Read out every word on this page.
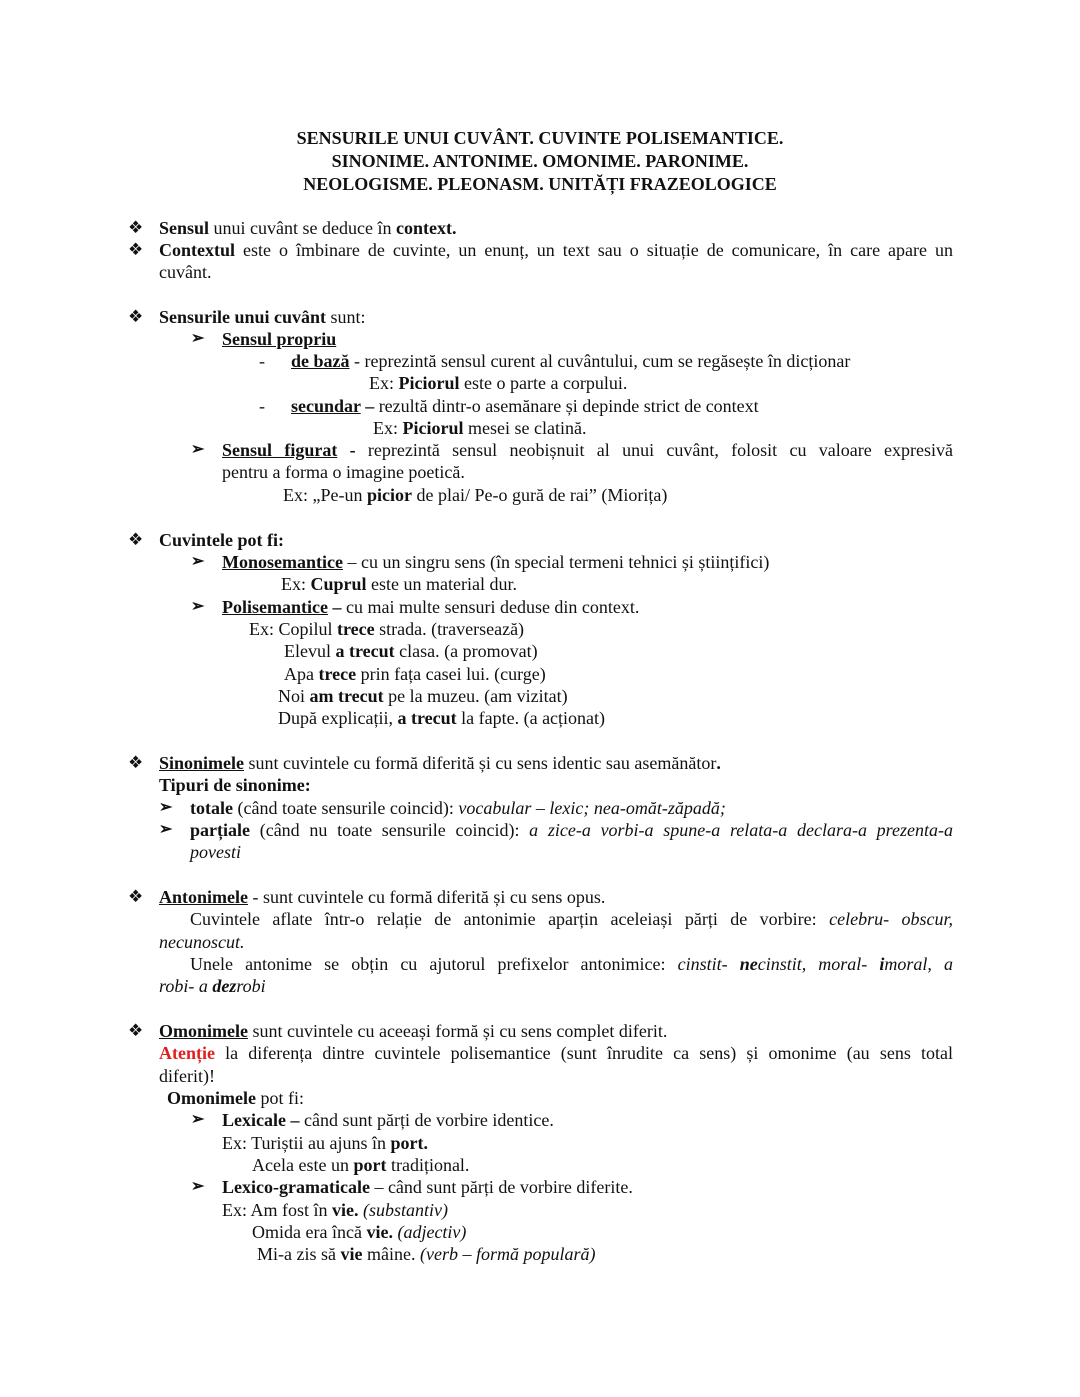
SENSURILE UNUI CUVÂNT. CUVINTE POLISEMANTICE.
SINONIME. ANTONIME. OMONIME. PARONIME.
NEOLOGISME. PLEONASM. UNITĂȚI FRAZEOLOGICE
❖ Sensul unui cuvânt se deduce în context.
❖ Contextul este o îmbinare de cuvinte, un enunț, un text sau o situație de comunicare, în care apare un
cuvânt.
❖ Sensurile unui cuvânt sunt:
➢ Sensul propriu
- de bază - reprezintă sensul curent al cuvântului, cum se regăsește în dicționar
Ex: Piciorul este o parte a corpului.
- secundar – rezultă dintr-o asemănare și depinde strict de context
Ex: Piciorul mesei se clatină.
➢ Sensul figurat - reprezintă sensul neobișnuit al unui cuvânt, folosit cu valoare expresivă
pentru a forma o imagine poetică.
Ex: „Pe-un picior de plai/ Pe-o gură de rai” (Miorița)
❖ Cuvintele pot fi:
➢ Monosemantice – cu un singru sens (în special termeni tehnici și științifici)
Ex: Cuprul este un material dur.
➢ Polisemantice – cu mai multe sensuri deduse din context.
Ex: Copilul trece strada. (traversează)
Elevul a trecut clasa. (a promovat)
Apa trece prin fața casei lui. (curge)
Noi am trecut pe la muzeu. (am vizitat)
După explicații, a trecut la fapte. (a acționat)
❖ Sinonimele sunt cuvintele cu formă diferită și cu sens identic sau asemănător.
Tipuri de sinonime:
➢ totale (când toate sensurile coincid): vocabular – lexic; nea-omăt-zăpadă;
➢ parțiale (când nu toate sensurile coincid): a zice-a vorbi-a spune-a relata-a declara-a prezenta-a
povesti
❖ Antonimele - sunt cuvintele cu formă diferită și cu sens opus.
Cuvintele aflate într-o relație de antonimie aparțin aceleiași părți de vorbire: celebru- obscur,
necunoscut.
Unele antonime se obțin cu ajutorul prefixelor antonimice: cinstit- necinstit, moral- imoral, a
robi- a dezrobi
❖ Omonimele sunt cuvintele cu aceeași formă și cu sens complet diferit.
Atenție la diferența dintre cuvintele polisemantice (sunt înrudite ca sens) și omonime (au sens total
diferit)!
Omonimele pot fi:
➢ Lexicale – când sunt părți de vorbire identice.
Ex: Turiștii au ajuns în port.
Acela este un port tradițional.
➢ Lexico-gramaticale – când sunt părți de vorbire diferite.
Ex: Am fost în vie. (substantiv)
Omida era încă vie. (adjectiv)
Mi-a zis să vie mâine. (verb – formă populară)
